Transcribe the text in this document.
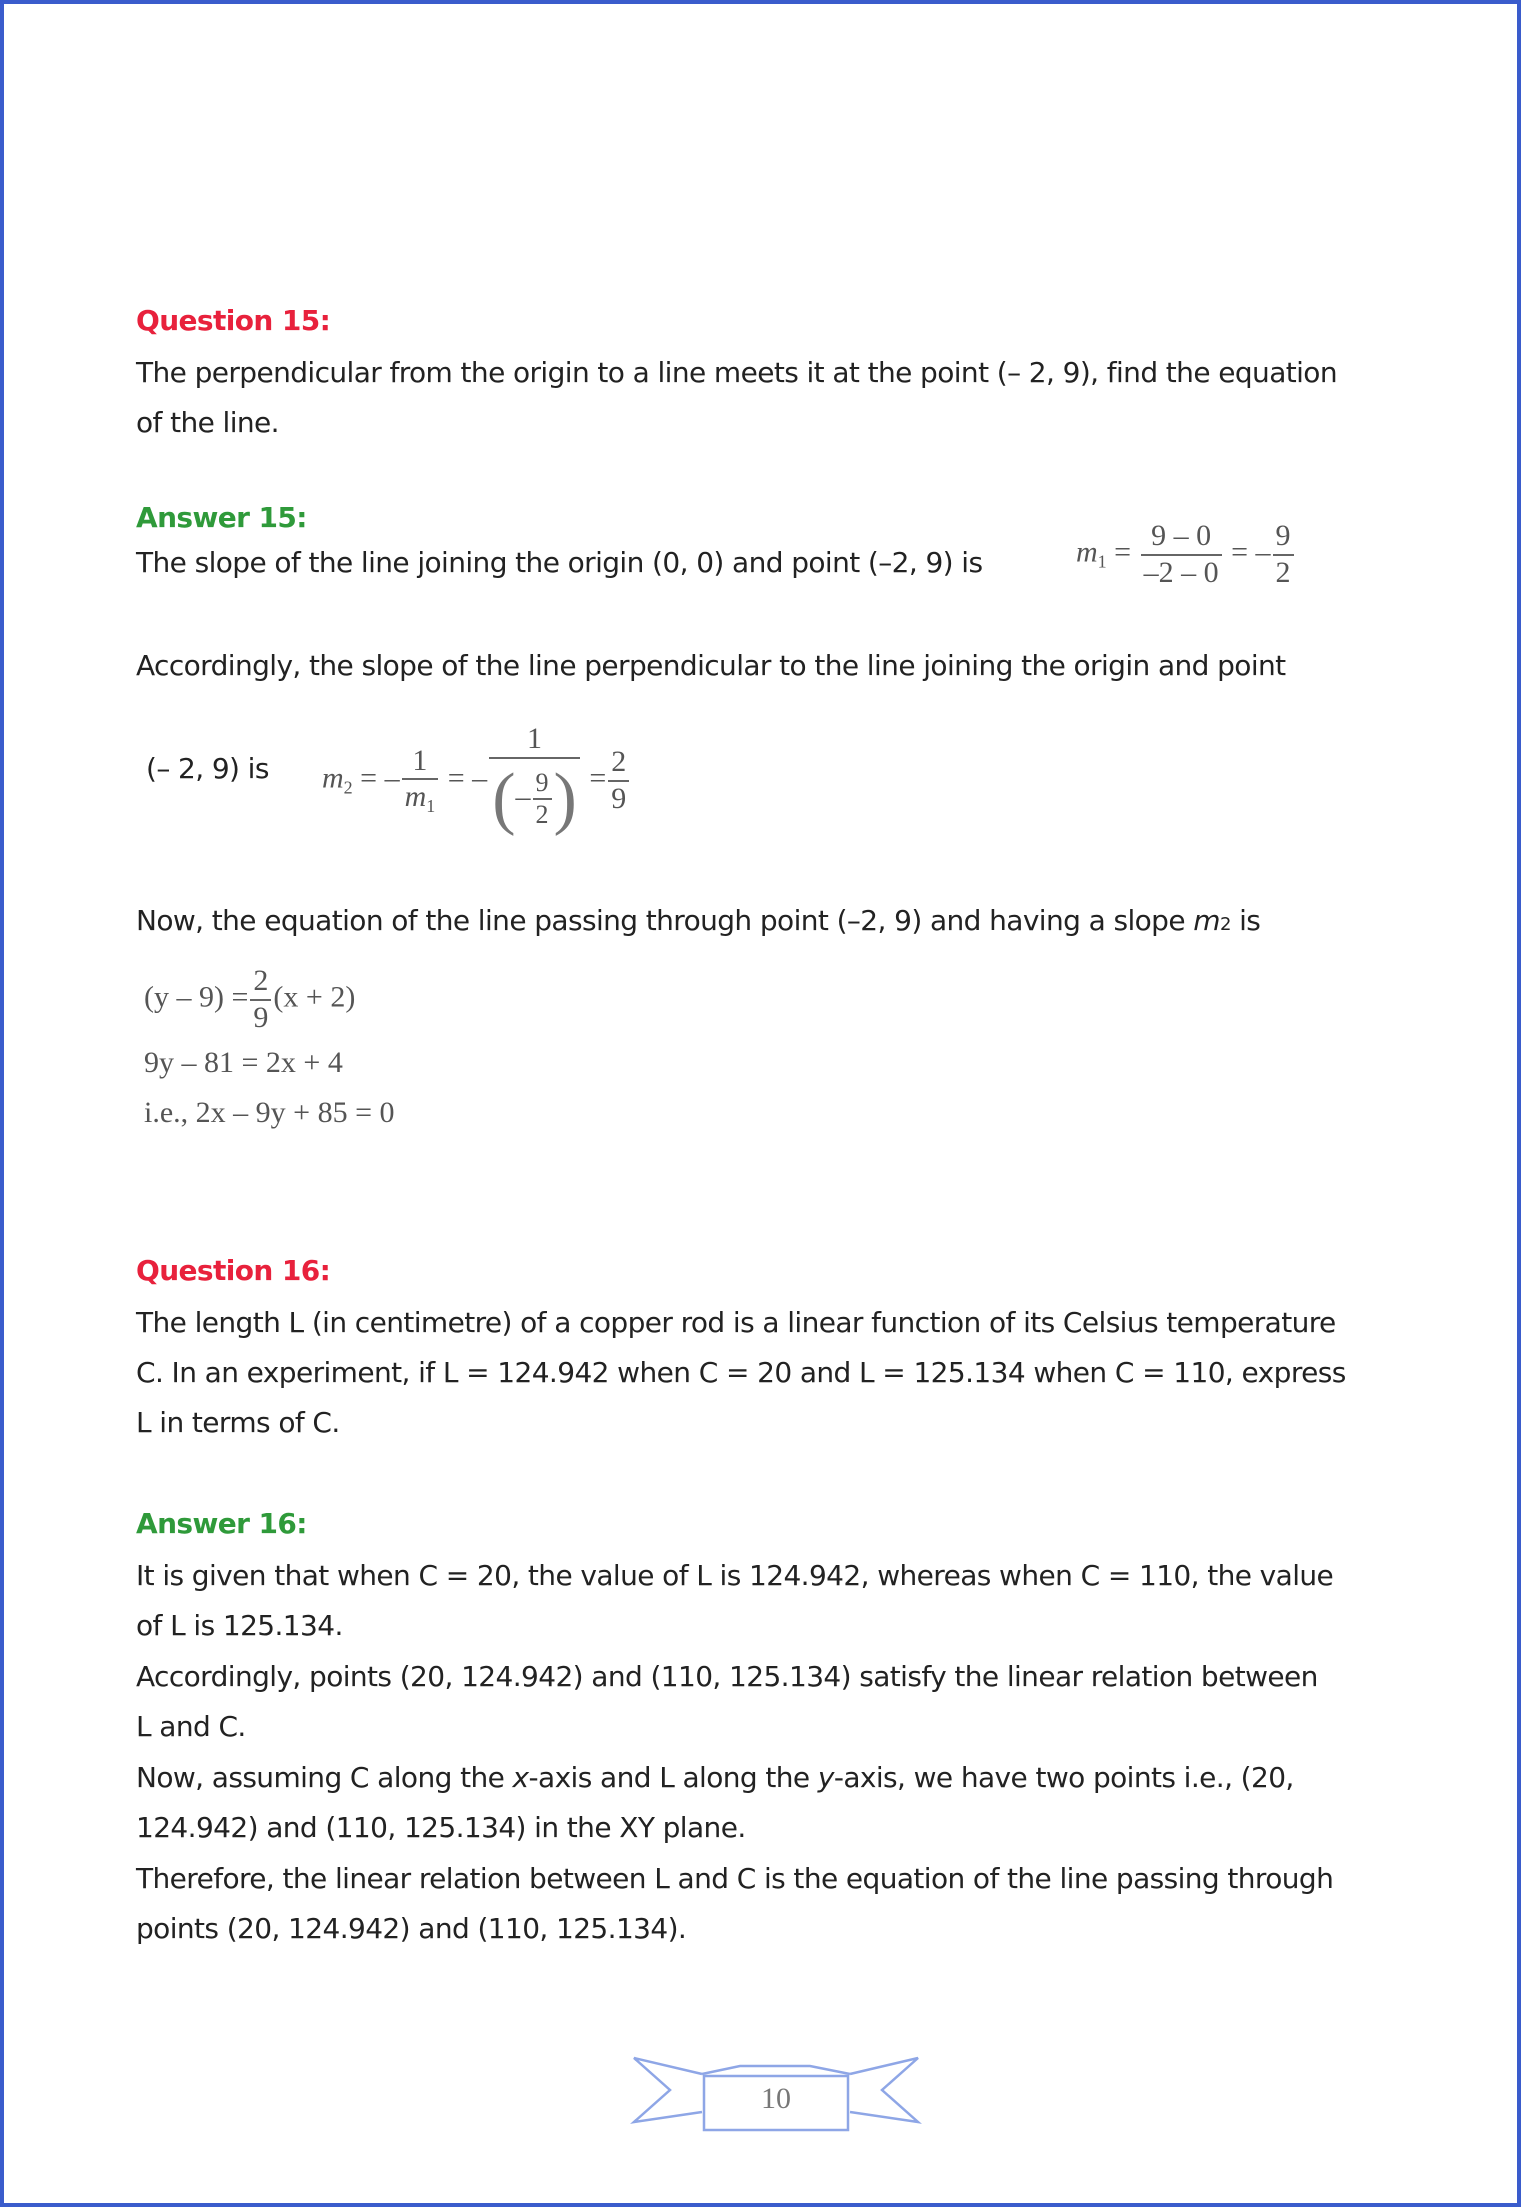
Question 15:
The perpendicular from the origin to a line meets it at the point (– 2, 9), find the equation
of the line.
Answer 15:
The slope of the line joining the origin (0, 0) and point (–2, 9) is	$m_1 = \frac{9 - 0}{-2 - 0}$ = – $\frac{9}{2}$
Accordingly, the slope of the line perpendicular to the line joining the origin and point
(– 2, 9) is $m_2$ = – $\frac{1}{m_1}$ = – $\frac{1}{(- \frac{9}{2} )} = \frac{2}{9}$
Now, the equation of the line passing through point (–2, 9) and having a slope m2 is
$(y - 9) = \frac{2}{9} (x + 2)$
9y – 81 = 2x + 4
i.e., 2x – 9y + 85 = 0
Question 16:
The length L (in centimetre) of a copper rod is a linear function of its Celsius temperature
C. In an experiment, if L = 124.942 when C = 20 and L = 125.134 when C = 110, express
L in terms of C.
Answer 16:
It is given that when C = 20, the value of L is 124.942, whereas when C = 110, the value
of L is 125.134.
Accordingly, points (20, 124.942) and (110, 125.134) satisfy the linear relation between
L and C.
Now, assuming C along the x-axis and L along the y-axis, we have two points i.e., (20,
124.942) and (110, 125.134) in the XY plane.
Therefore, the linear relation between L and C is the equation of the line passing through
points (20, 124.942) and (110, 125.134).
10
